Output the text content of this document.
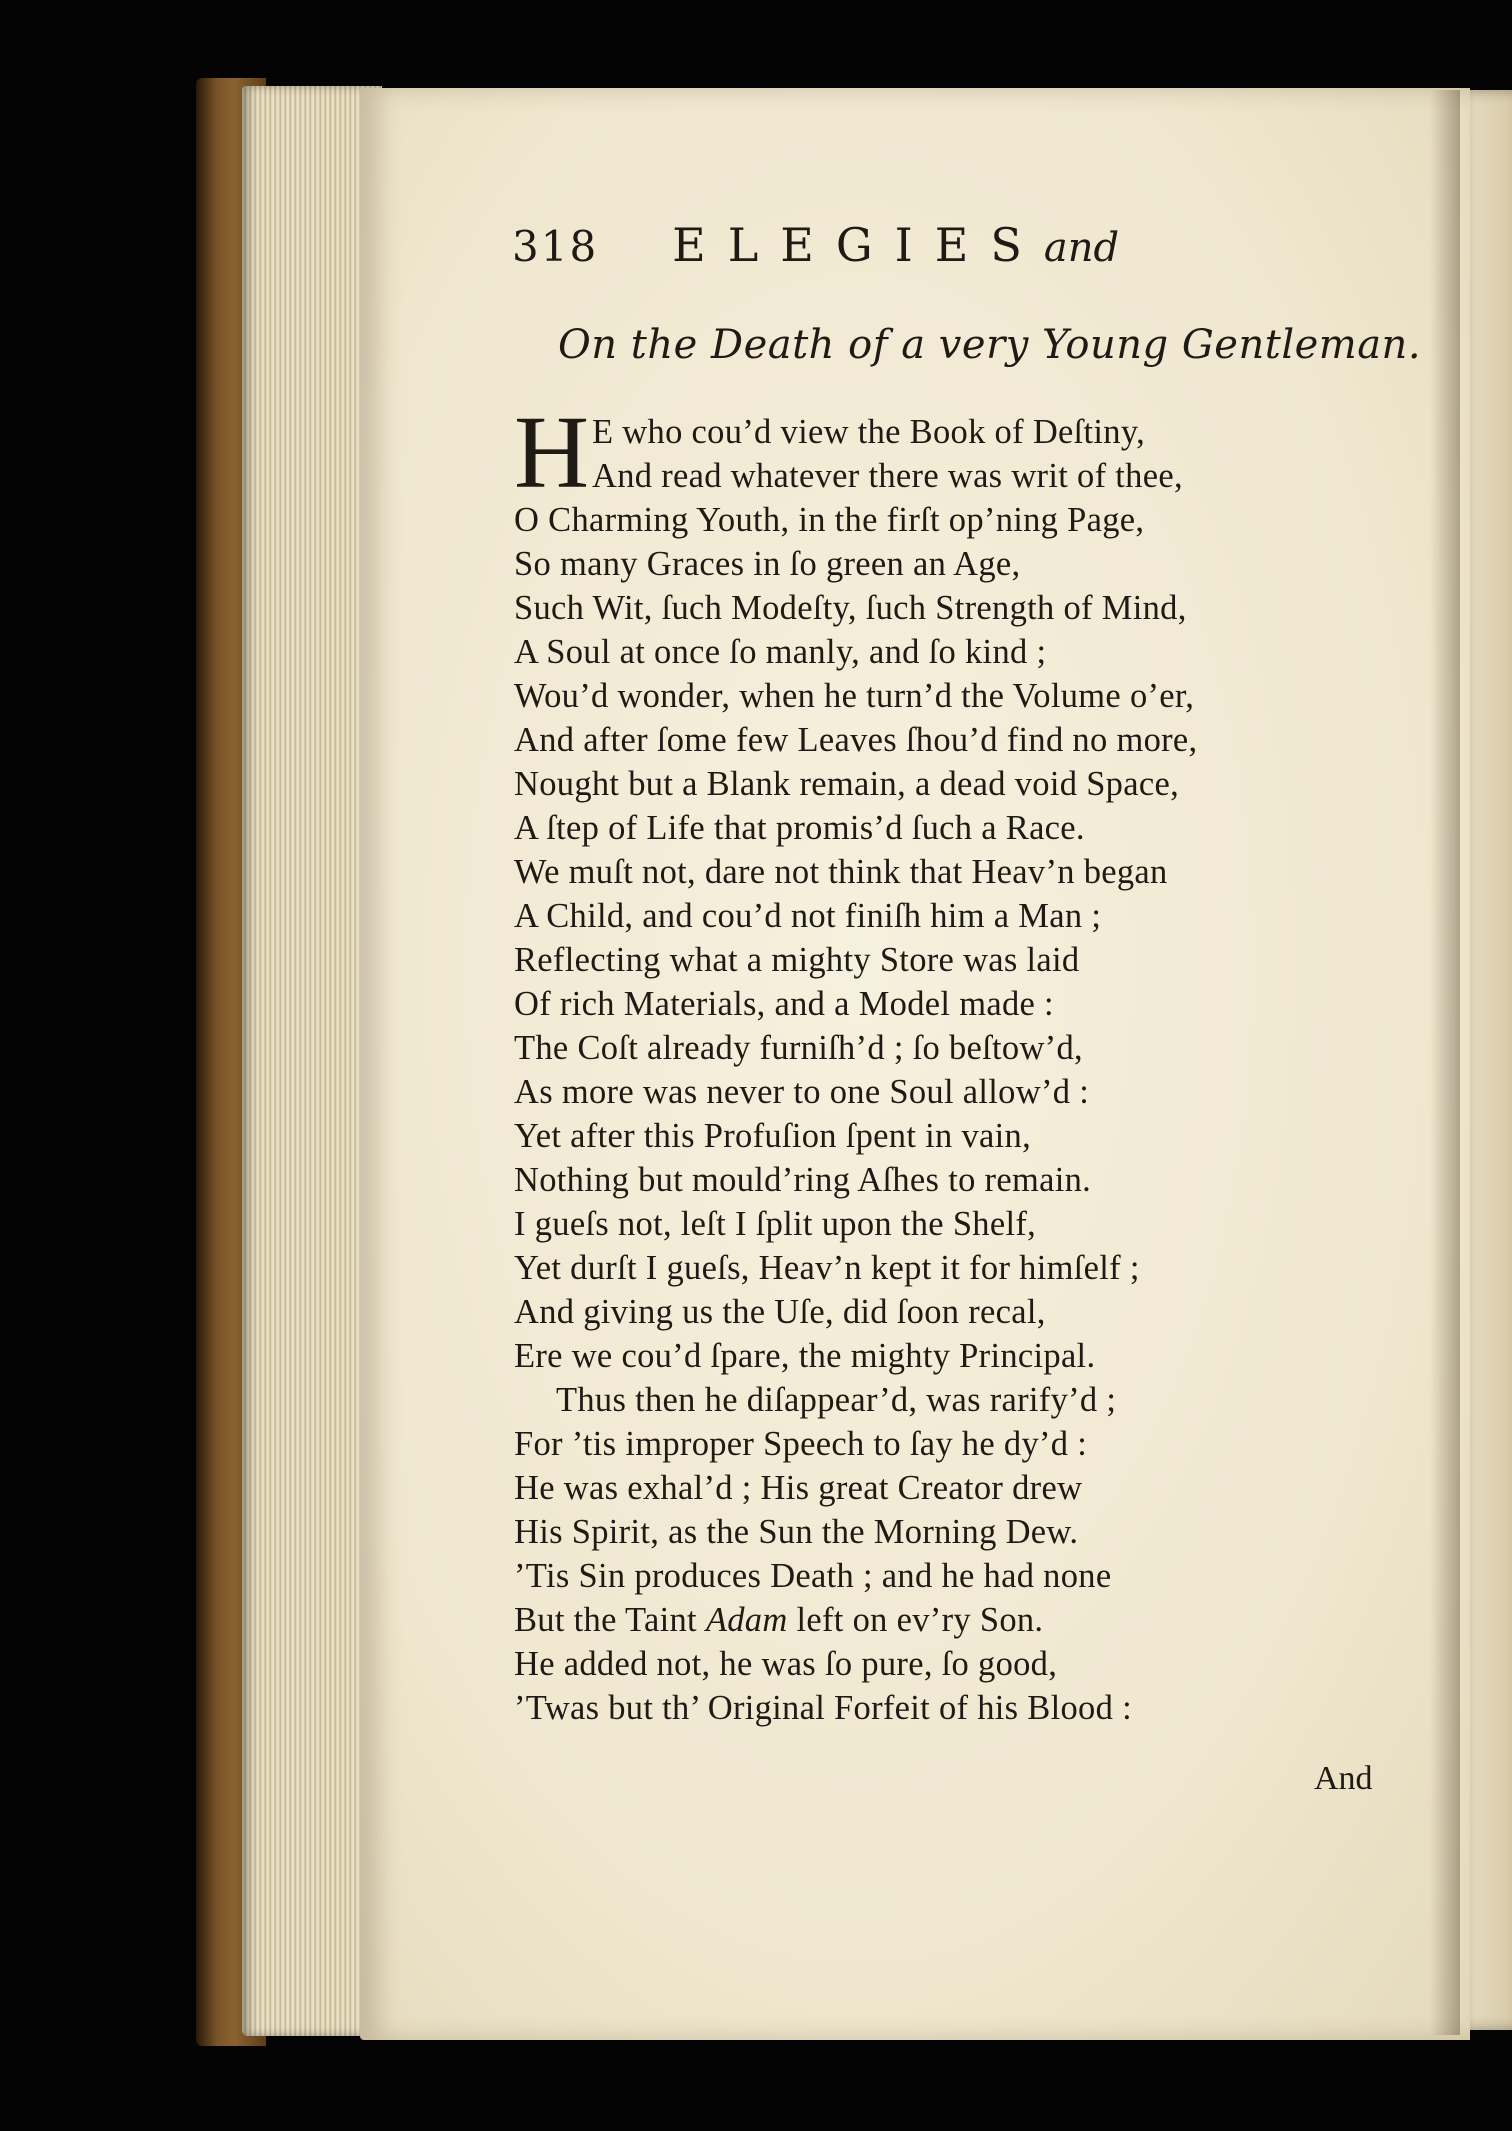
318 ELEGIESand
On the Death of a very Young Gentleman.
H E who cou’d view the Book of Deſtiny,
And read whatever there was writ of thee,
O Charming Youth, in the firſt op’ning Page,
So many Graces in ſo green an Age,
Such Wit, ſuch Modeſty, ſuch Strength of Mind,
A Soul at once ſo manly, and ſo kind ;
Wou’d wonder, when he turn’d the Volume o’er,
And after ſome few Leaves ſhou’d find no more,
Nought but a Blank remain, a dead void Space,
A ſtep of Life that promis’d ſuch a Race.
We muſt not, dare not think that Heav’n began
A Child, and cou’d not finiſh him a Man ;
Reflecting what a mighty Store was laid
Of rich Materials, and a Model made :
The Coſt already furniſh’d ; ſo beſtow’d,
As more was never to one Soul allow’d :
Yet after this Profuſion ſpent in vain,
Nothing but mould’ring Aſhes to remain.
I gueſs not, leſt I ſplit upon the Shelf,
Yet durſt I gueſs, Heav’n kept it for himſelf ;
And giving us the Uſe, did ſoon recal,
Ere we cou’d ſpare, the mighty Principal.
Thus then he diſappear’d, was rarify’d ;
For ’tis improper Speech to ſay he dy’d :
He was exhal’d ; His great Creator drew
His Spirit, as the Sun the Morning Dew.
’Tis Sin produces Death ; and he had none
But the Taint Adam left on ev’ry Son.
He added not, he was ſo pure, ſo good,
’Twas but th’ Original Forfeit of his Blood :
And
